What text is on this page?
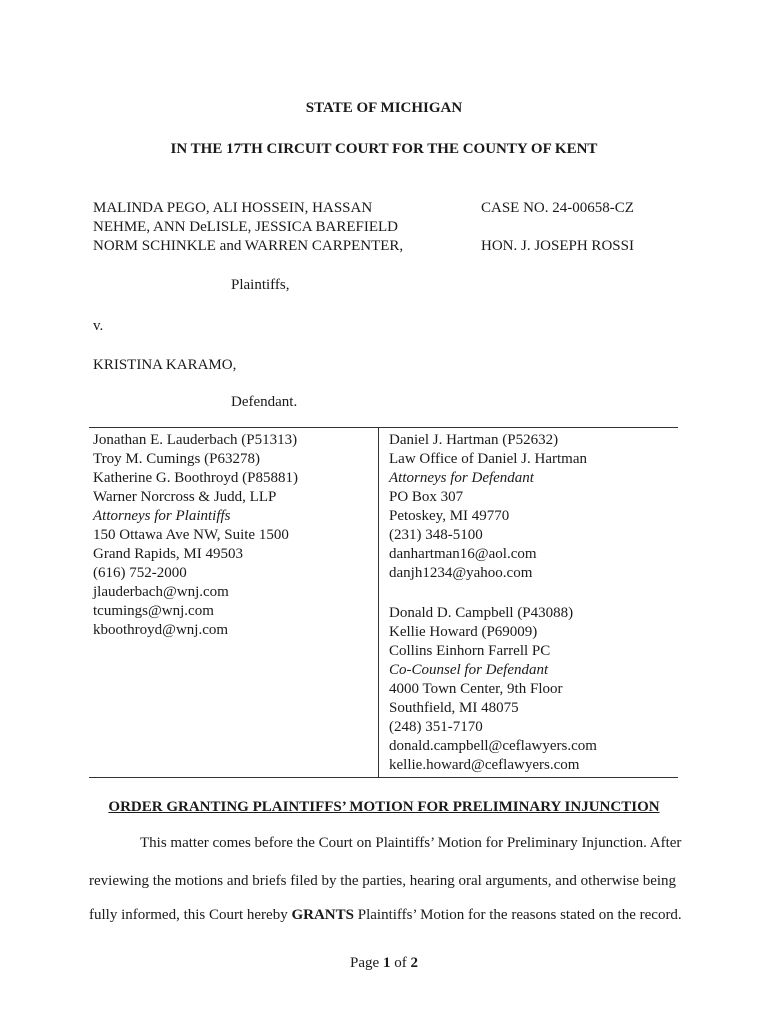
STATE OF MICHIGAN
IN THE 17TH CIRCUIT COURT FOR THE COUNTY OF KENT
MALINDA PEGO, ALI HOSSEIN, HASSAN
NEHME, ANN DeLISLE, JESSICA BAREFIELD
NORM SCHINKLE and WARREN CARPENTER,
CASE NO. 24-00658-CZ
HON. J. JOSEPH ROSSI
Plaintiffs,
v.
KRISTINA KARAMO,
Defendant.
Jonathan E. Lauderbach (P51313)
Troy M. Cumings (P63278)
Katherine G. Boothroyd (P85881)
Warner Norcross & Judd, LLP
Attorneys for Plaintiffs
150 Ottawa Ave NW, Suite 1500
Grand Rapids, MI 49503
(616) 752-2000
jlauderbach@wnj.com
tcumings@wnj.com
kboothroyd@wnj.com
Daniel J. Hartman (P52632)
Law Office of Daniel J. Hartman
Attorneys for Defendant
PO Box 307
Petoskey, MI 49770
(231) 348-5100
danhartman16@aol.com
danjh1234@yahoo.com
Donald D. Campbell (P43088)
Kellie Howard (P69009)
Collins Einhorn Farrell PC
Co-Counsel for Defendant
4000 Town Center, 9th Floor
Southfield, MI 48075
(248) 351-7170
donald.campbell@ceflawyers.com
kellie.howard@ceflawyers.com
ORDER GRANTING PLAINTIFFS’ MOTION FOR PRELIMINARY INJUNCTION
This matter comes before the Court on Plaintiffs’ Motion for Preliminary Injunction. After
reviewing the motions and briefs filed by the parties, hearing oral arguments, and otherwise being
fully informed, this Court hereby GRANTS Plaintiffs’ Motion for the reasons stated on the record.
Page 1 of 2
